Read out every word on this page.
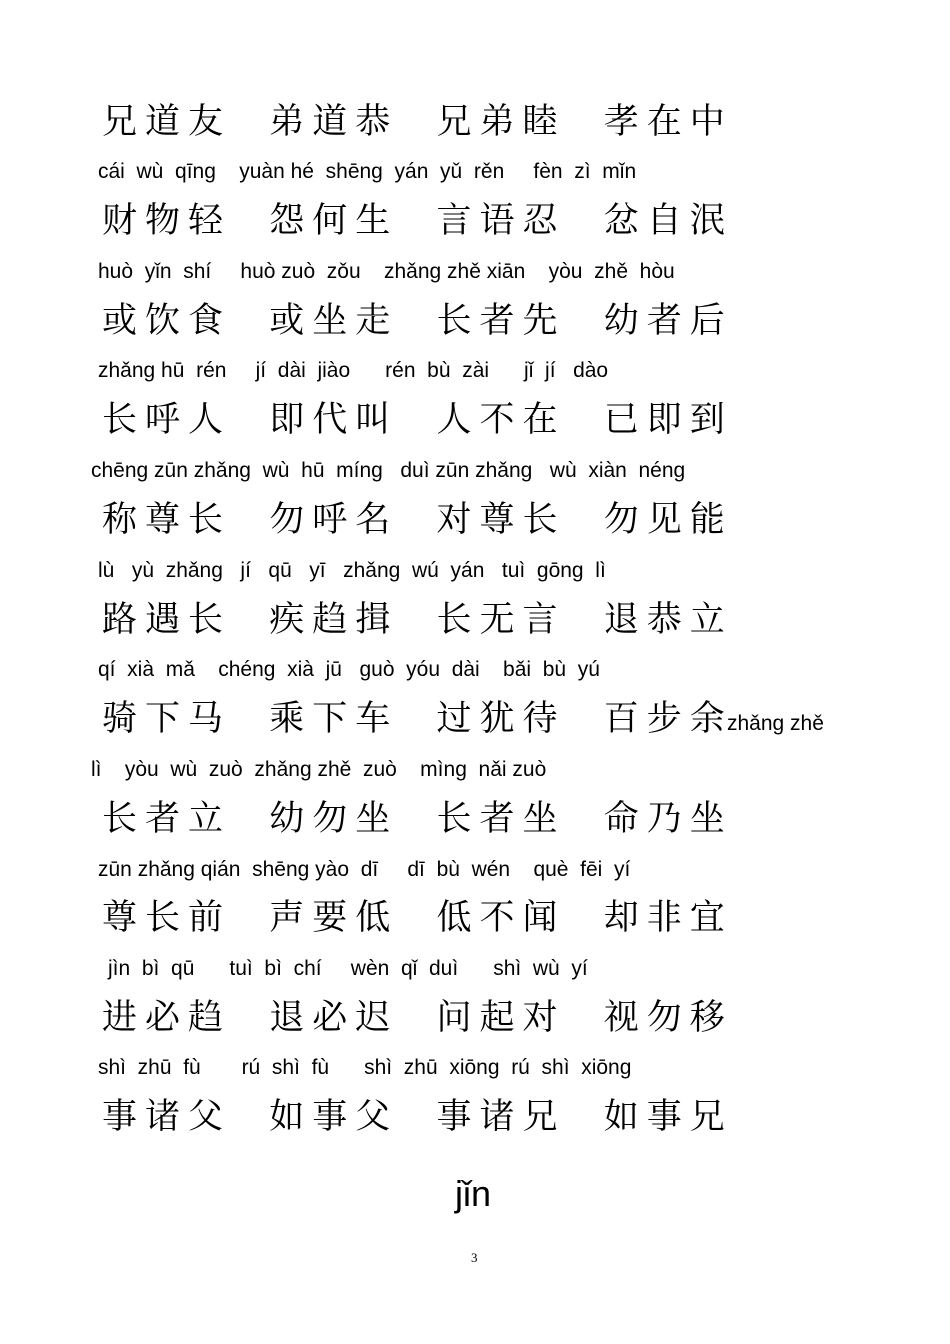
兄道友  弟道恭  兄弟睦  孝在中
cái  wù  qīng    yuàn hé  shēng  yán  yǔ  rěn     fèn  zì  mǐn
财物轻  怨何生  言语忍  忿自泯
huò  yǐn  shí     huò zuò  zǒu    zhǎng zhě xiān    yòu  zhě  hòu
或饮食  或坐走  长者先  幼者后
zhǎng hū  rén     jí  dài  jiào      rén  bù  zài      jǐ  jí   dào
长呼人  即代叫  人不在  已即到
chēng zūn zhǎng  wù  hū  míng   duì zūn zhǎng   wù  xiàn  néng
称尊长  勿呼名  对尊长  勿见能
lù   yù  zhǎng   jí   qū   yī   zhǎng  wú  yán   tuì  gōng  lì
路遇长  疾趋揖  长无言  退恭立
qí  xià  mǎ    chéng  xià  jū   guò  yóu  dài    bǎi  bù  yú
骑下马  乘下车  过犹待  百步余
zhǎng zhě
lì    yòu  wù  zuò  zhǎng zhě  zuò    mìng  nǎi zuò
长者立  幼勿坐  长者坐  命乃坐
zūn zhǎng qián  shēng yào  dī     dī  bù  wén    què  fēi  yí
尊长前  声要低  低不闻  却非宜
jìn  bì  qū      tuì  bì  chí     wèn  qǐ  duì      shì  wù  yí
进必趋  退必迟  问起对  视勿移
shì  zhū  fù       rú  shì  fù      shì  zhū  xiōng  rú  shì  xiōng
事诸父  如事父  事诸兄  如事兄
jǐn
3
